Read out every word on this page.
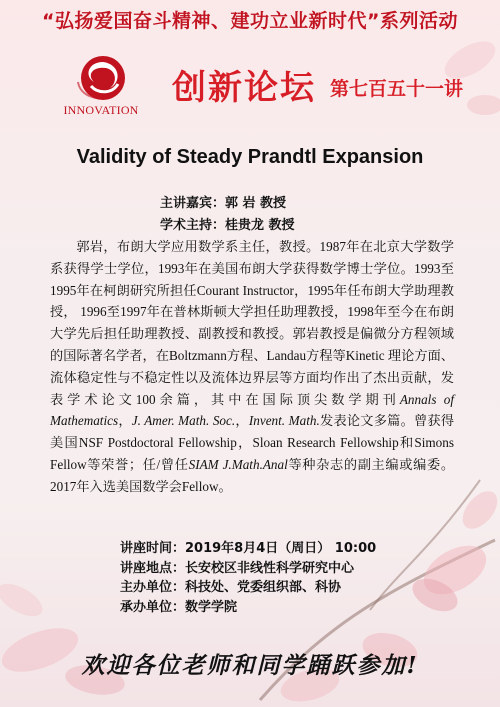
“弘扬爱国奋斗精神、建功立业新时代”系列活动
INNOVATION
创新论坛 第七百五十一讲
Validity of Steady Prandtl Expansion
主讲嘉宾：郭 岩 教授
学术主持：桂贵龙 教授
郭岩，布朗大学应用数学系主任，教授。1987年在北京大学数学系获得学士学位，1993年在美国布朗大学获得数学博士学位。1993至1995年在柯朗研究所担任Courant Instructor，1995年任布朗大学助理教授， 1996至1997年在普林斯顿大学担任助理教授，1998年至今在布朗大学先后担任助理教授、副教授和教授。郭岩教授是偏微分方程领域的国际著名学者，在Boltzmann方程、Landau方程等Kinetic 理论方面、流体稳定性与不稳定性以及流体边界层等方面均作出了杰出贡献，发表学术论文100余篇，其中在国际顶尖数学期刊Annals of Mathematics，J. Amer. Math. Soc.，Invent. Math.发表论文多篇。曾获得美国NSF Postdoctoral Fellowship，Sloan Research Fellowship和Simons Fellow等荣誉；任/曾任SIAM J.Math.Anal等种杂志的副主编或编委。2017年入选美国数学会Fellow。
讲座时间：2019年8月4日（周日） 10:00
讲座地点：长安校区非线性科学研究中心
主办单位：科技处、党委组织部、科协
承办单位：数学学院
欢迎各位老师和同学踊跃参加!
